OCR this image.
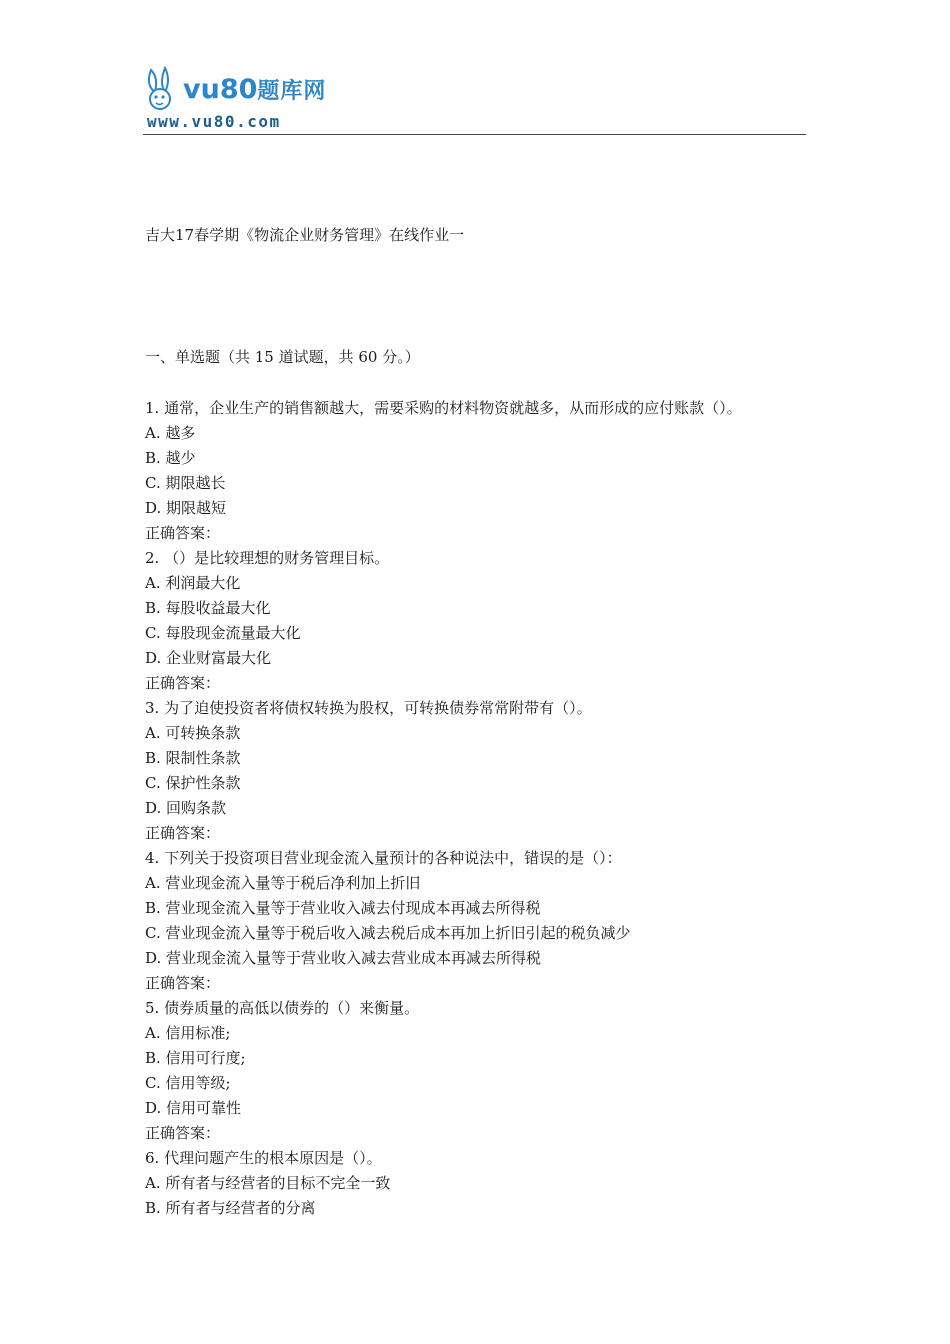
vu80题库网
www.vu80.com
吉大17春学期《物流企业财务管理》在线作业一
一、单选题（共 15 道试题，共 60 分。）
1. 通常，企业生产的销售额越大，需要采购的材料物资就越多，从而形成的应付账款（）。
A. 越多
B. 越少
C. 期限越长
D. 期限越短
正确答案：
2. （）是比较理想的财务管理目标。
A. 利润最大化
B. 每股收益最大化
C. 每股现金流量最大化
D. 企业财富最大化
正确答案：
3. 为了迫使投资者将债权转换为股权，可转换债券常常附带有（）。
A. 可转换条款
B. 限制性条款
C. 保护性条款
D. 回购条款
正确答案：
4. 下列关于投资项目营业现金流入量预计的各种说法中，错误的是（）：
A. 营业现金流入量等于税后净利加上折旧
B. 营业现金流入量等于营业收入减去付现成本再减去所得税
C. 营业现金流入量等于税后收入减去税后成本再加上折旧引起的税负减少
D. 营业现金流入量等于营业收入减去营业成本再减去所得税
正确答案：
5. 债券质量的高低以债券的（）来衡量。
A. 信用标准;
B. 信用可行度;
C. 信用等级;
D. 信用可靠性
正确答案：
6. 代理问题产生的根本原因是（）。
A. 所有者与经营者的目标不完全一致
B. 所有者与经营者的分离
